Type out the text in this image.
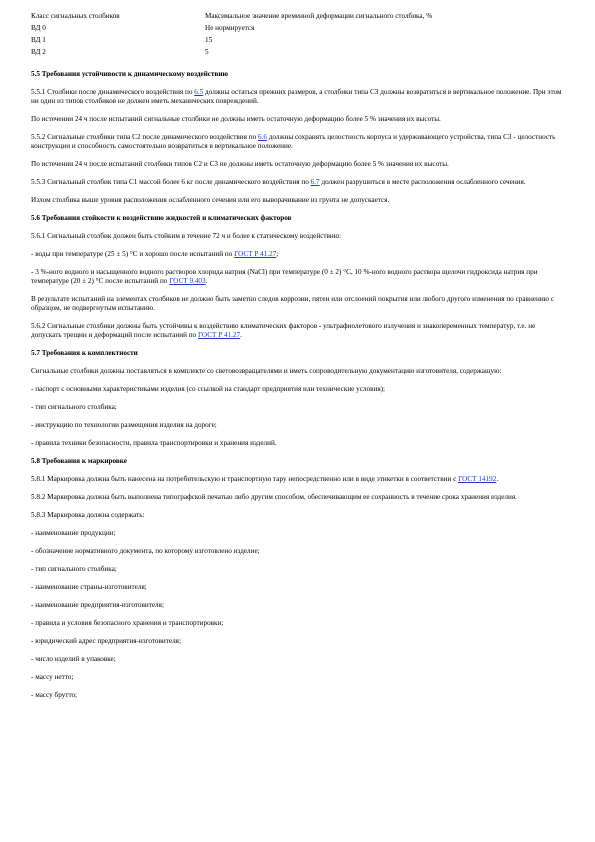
Класс сигнальных столбиков	Максимальное значение временной деформации сигнального столбика, %
ВД 0	Не нормируется
ВД 1	15
ВД 2	5
5.5 Требования устойчивости к динамическому воздействию

5.5.1 Столбики после динамического воздействия по 6.5 должны остаться прежних размеров, а столбики типа С3 должны возвратиться в вертикальное положение. При этом ни один из типов столбиков не должен иметь механических повреждений.

По истечении 24 ч после испытаний сигнальные столбики не должны иметь остаточную деформацию более 5 % значения их высоты.

5.5.2 Сигнальные столбики типа С2 после динамического воздействия по 6.6 должны сохранять целостность корпуса и удерживающего устройства, типа С3 - целостность конструкции и способность самостоятельно возвратиться в вертикальное положение.

По истечении 24 ч после испытаний столбики типов С2 и С3 не должны иметь остаточную деформацию более 5 % значения их высоты.

5.5.3 Сигнальный столбик типа С1 массой более 6 кг после динамического воздействия по 6.7 должен разрушиться в месте расположения ослабленного сечения.

Излом столбика выше уровня расположения ослабленного сечения или его выворачивание из грунта не допускается.

5.6 Требования стойкости к воздействию жидкостей и климатических факторов

5.6.1 Сигнальный столбик должен быть стойким в течение 72 ч и более к статическому воздействию:

- воды при температуре (25 ± 5) °С и хорошо после испытаний по ГОСТ Р 41.27;

- 3 %-ного водного и насыщенного водного растворов хлорида натрия (NaCl) при температуре (0 ± 2) °С, 10 %-ного водного раствора щелочи гидроксида натрия при температуре (20 ± 2) °С после испытаний по ГОСТ 9.403.

В результате испытаний на элементах столбиков не должно быть заметно следов коррозии, пятен или отслоений покрытия или любого другого изменения по сравнению с образцом, не подвергнутым испытанию.

5.6.2 Сигнальные столбики должны быть устойчивы к воздействию климатических факторов - ультрафиолетового излучения и знакопеременных температур, т.е. не допускать трещин и деформаций после испытаний по ГОСТ Р 41.27.

5.7 Требования к комплектности

Сигнальные столбики должны поставляться в комплекте со световозвращателями и иметь сопроводительную документацию изготовителя, содержащую:

- паспорт с основными характеристиками изделия (со ссылкой на стандарт предприятия или технические условия);

- тип сигнального столбика;

- инструкцию по технологии размещения изделия на дороге;

- правила техники безопасности, правила транспортировки и хранения изделий.

5.8 Требования к маркировке

5.8.1 Маркировка должна быть нанесена на потребительскую и транспортную тару непосредственно или в виде этикетки в соответствии с ГОСТ 14192.

5.8.2 Маркировка должна быть выполнена типографской печатью либо другим способом, обеспечивающим ее сохранность в течение срока хранения изделия.

5.8.3 Маркировка должна содержать:

- наименование продукции;

- обозначение нормативного документа, по которому изготовлено изделие;

- тип сигнального столбика;

- наименование страны-изготовителя;

- наименование предприятия-изготовителя;

- правила и условия безопасного хранения и транспортировки;

- юридический адрес предприятия-изготовителя;

- число изделий в упаковке;

- массу нетто;

- массу брутто;
